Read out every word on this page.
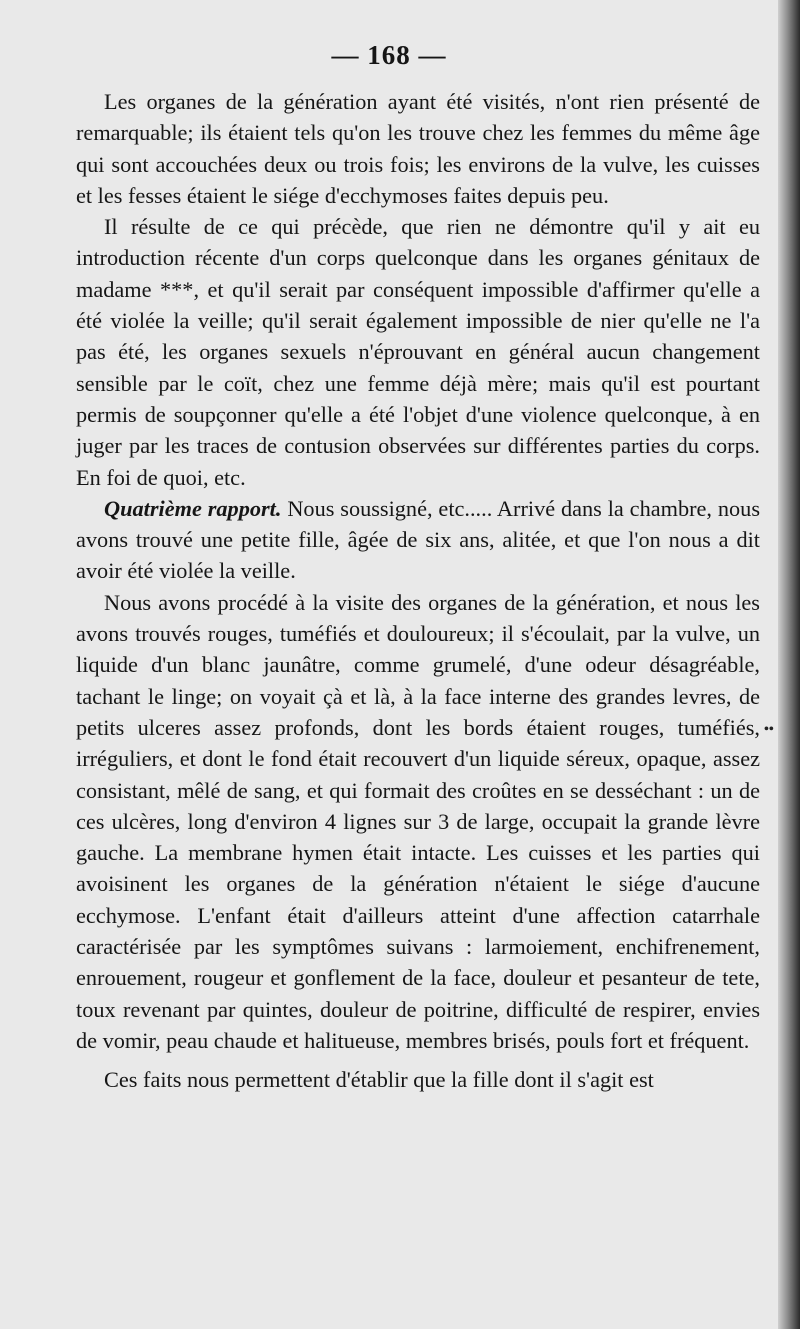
— 168 —

Les organes de la génération ayant été visités, n'ont rien présenté de remarquable; ils étaient tels qu'on les trouve chez les femmes du même âge qui sont accouchées deux ou trois fois; les environs de la vulve, les cuisses et les fesses étaient le siége d'ecchymoses faites depuis peu.

Il résulte de ce qui précède, que rien ne démontre qu'il y ait eu introduction récente d'un corps quelconque dans les organes génitaux de madame ***, et qu'il serait par conséquent impossible d'affirmer qu'elle a été violée la veille; qu'il serait également impossible de nier qu'elle ne l'a pas été, les organes sexuels n'éprouvant en général aucun changement sensible par le coït, chez une femme déjà mère; mais qu'il est pourtant permis de soupçonner qu'elle a été l'objet d'une violence quelconque, à en juger par les traces de contusion observées sur différentes parties du corps. En foi de quoi, etc.

Quatrième rapport. Nous soussigné, etc..... Arrivé dans la chambre, nous avons trouvé une petite fille, âgée de six ans, alitée, et que l'on nous a dit avoir été violée la veille.

Nous avons procédé à la visite des organes de la génération, et nous les avons trouvés rouges, tuméfiés et douloureux; il s'écoulait, par la vulve, un liquide d'un blanc jaunâtre, comme grumelé, d'une odeur désagréable, tachant le linge; on voyait çà et là, à la face interne des grandes levres, de petits ulceres assez profonds, dont les bords étaient rouges, tuméfiés, irréguliers, et dont le fond était recouvert d'un liquide séreux, opaque, assez consistant, mêlé de sang, et qui formait des croûtes en se desséchant : un de ces ulcères, long d'environ 4 lignes sur 3 de large, occupait la grande lèvre gauche. La membrane hymen était intacte. Les cuisses et les parties qui avoisinent les organes de la génération n'étaient le siége d'aucune ecchymose. L'enfant était d'ailleurs atteint d'une affection catarrhale caractérisée par les symptômes suivans : larmoiement, enchifrenement, enrouement, rougeur et gonflement de la face, douleur et pesanteur de tete, toux revenant par quintes, douleur de poitrine, difficulté de respirer, envies de vomir, peau chaude et halitueuse, membres brisés, pouls fort et fréquent.

Ces faits nous permettent d'établir que la fille dont il s'agit est

••
